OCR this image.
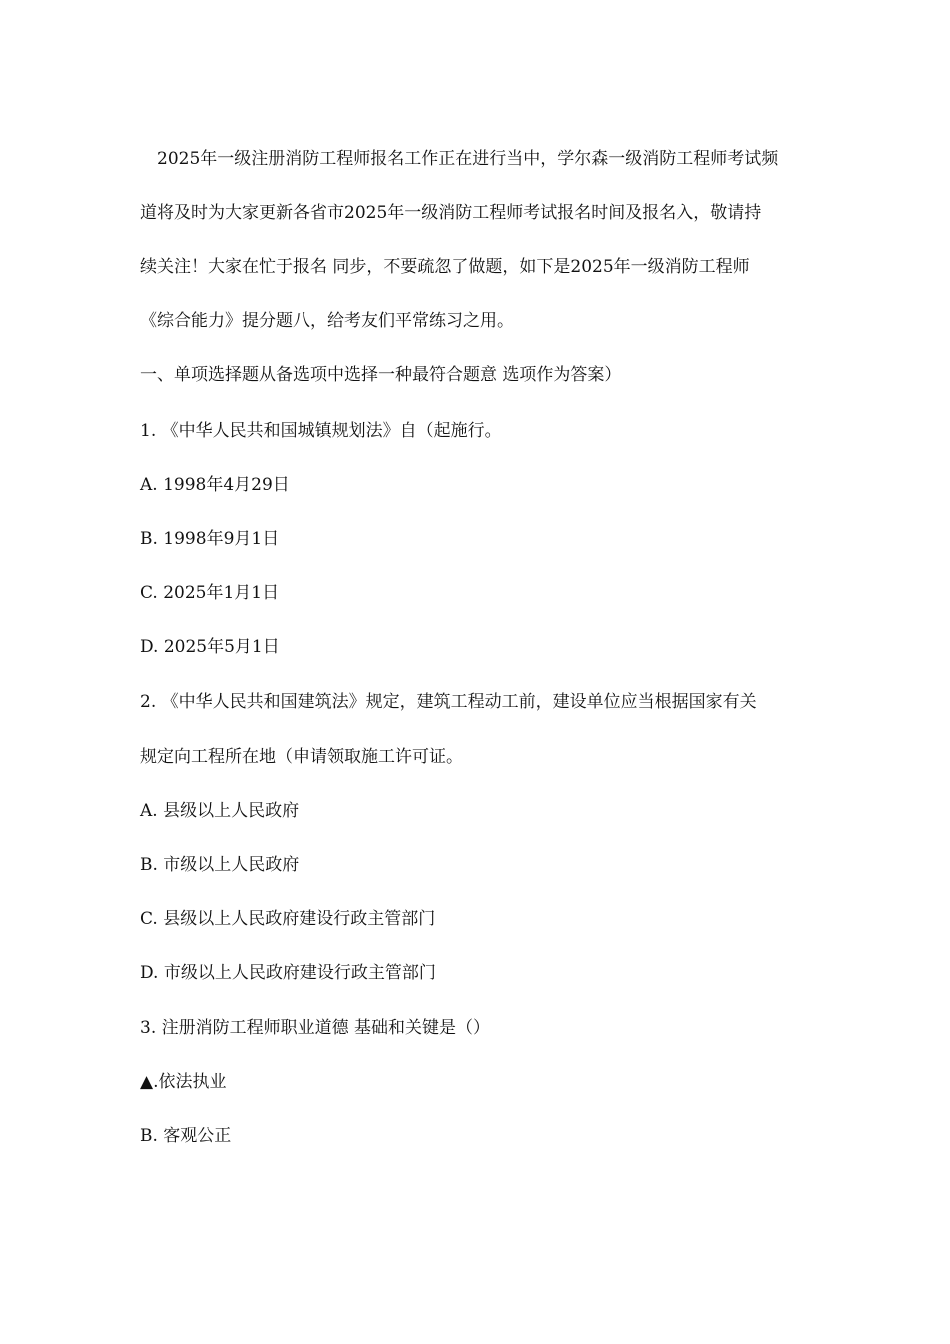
　2025年一级注册消防工程师报名工作正在进行当中，学尔森一级消防工程师考试频
道将及时为大家更新各省市2025年一级消防工程师考试报名时间及报名入，敬请持
续关注！大家在忙于报名 同步，不要疏忽了做题，如下是2025年一级消防工程师
《综合能力》提分题八，给考友们平常练习之用。
一、单项选择题从备选项中选择一种最符合题意 选项作为答案）
1. 《中华人民共和国城镇规划法》自（起施行。
A. 1998年4月29日
B. 1998年9月1日
C. 2025年1月1日
D. 2025年5月1日
2. 《中华人民共和国建筑法》规定，建筑工程动工前，建设单位应当根据国家有关
规定向工程所在地（申请领取施工许可证。
A. 县级以上人民政府
B. 市级以上人民政府
C. 县级以上人民政府建设行政主管部门
D. 市级以上人民政府建设行政主管部门
3. 注册消防工程师职业道德 基础和关键是（）
▲.依法执业
B. 客观公正
